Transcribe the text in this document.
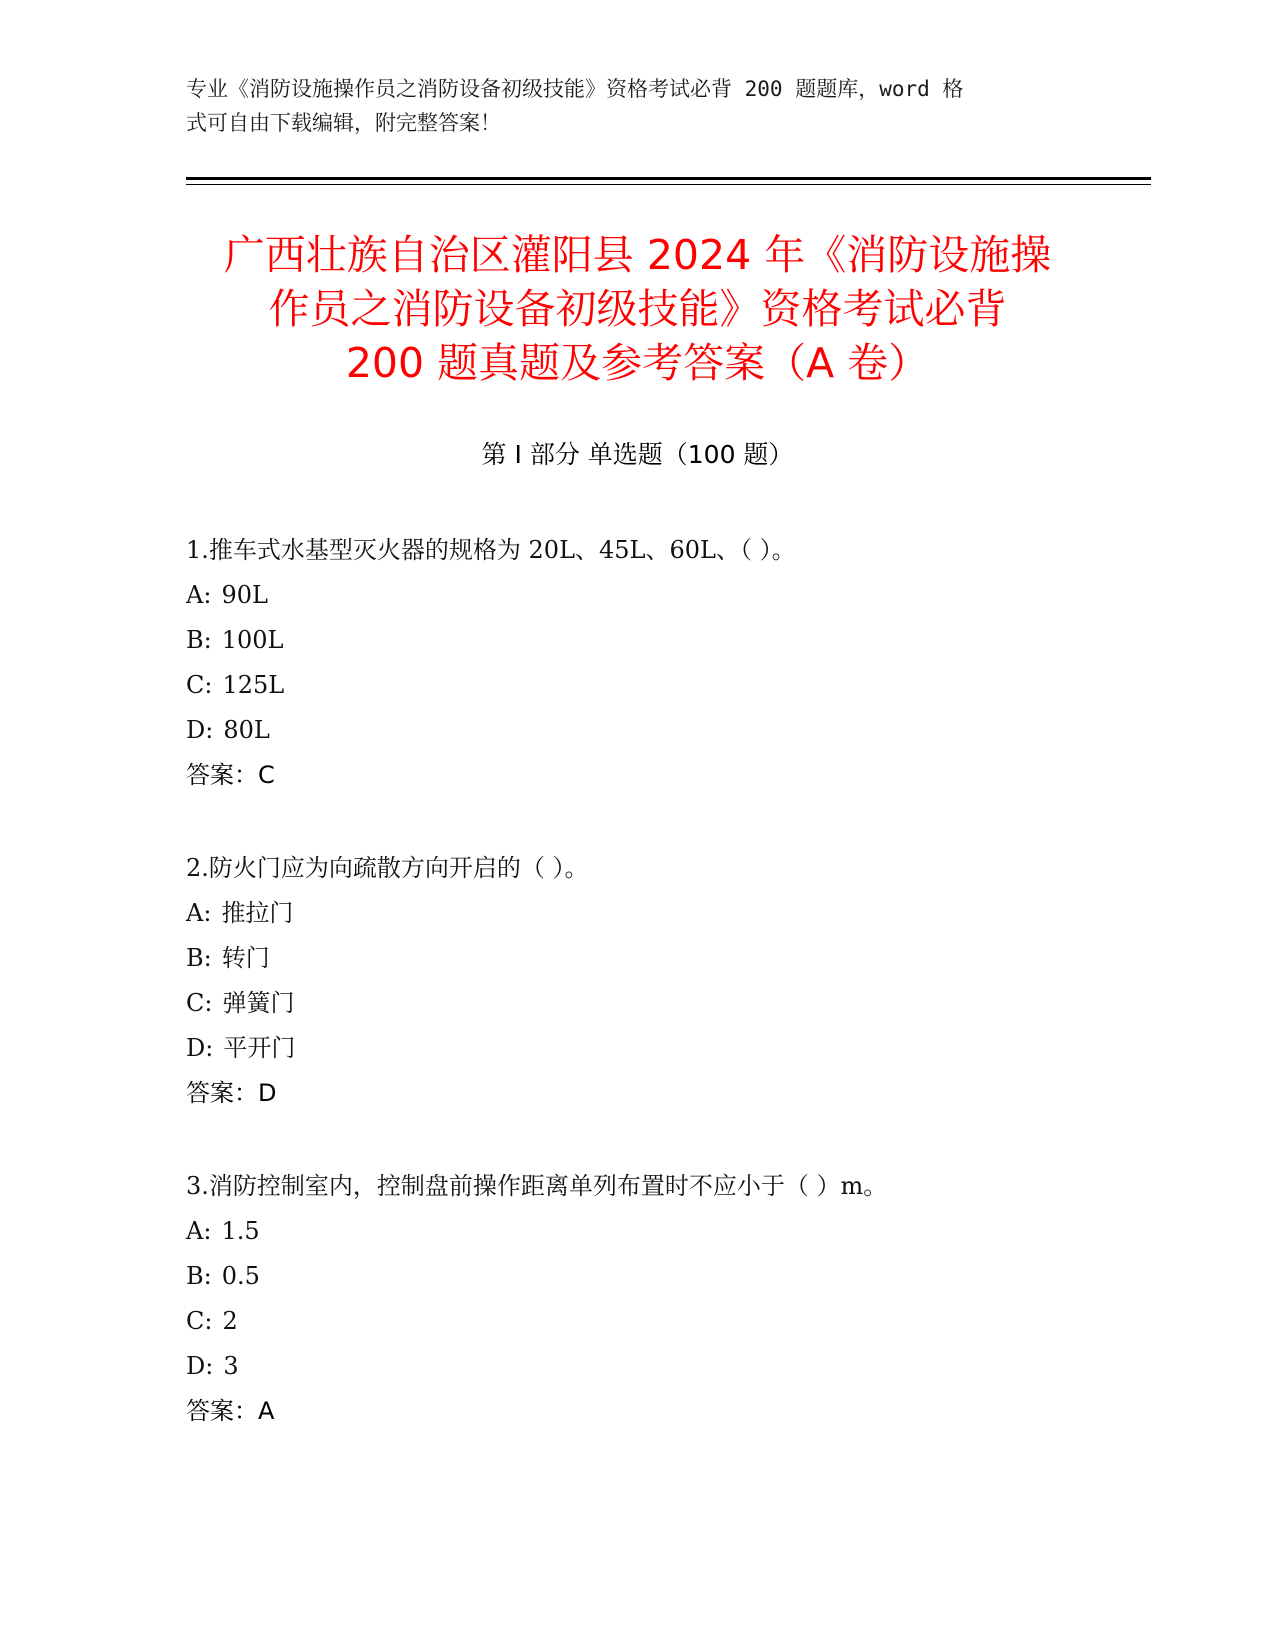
专业《消防设施操作员之消防设备初级技能》资格考试必背 200 题题库，word 格
式可自由下载编辑，附完整答案！
广西壮族自治区灌阳县 2024 年《消防设施操
作员之消防设备初级技能》资格考试必背
200 题真题及参考答案（A 卷）
第 I 部分 单选题（100 题）
1.推车式水基型灭火器的规格为 20L、45L、60L、（ ）。
A: 90L
B: 100L
C: 125L
D: 80L
答案：C
2.防火门应为向疏散方向开启的（ ）。
A: 推拉门
B: 转门
C: 弹簧门
D: 平开门
答案：D
3.消防控制室内，控制盘前操作距离单列布置时不应小于（ ）m。
A: 1.5
B: 0.5
C: 2
D: 3
答案：A
